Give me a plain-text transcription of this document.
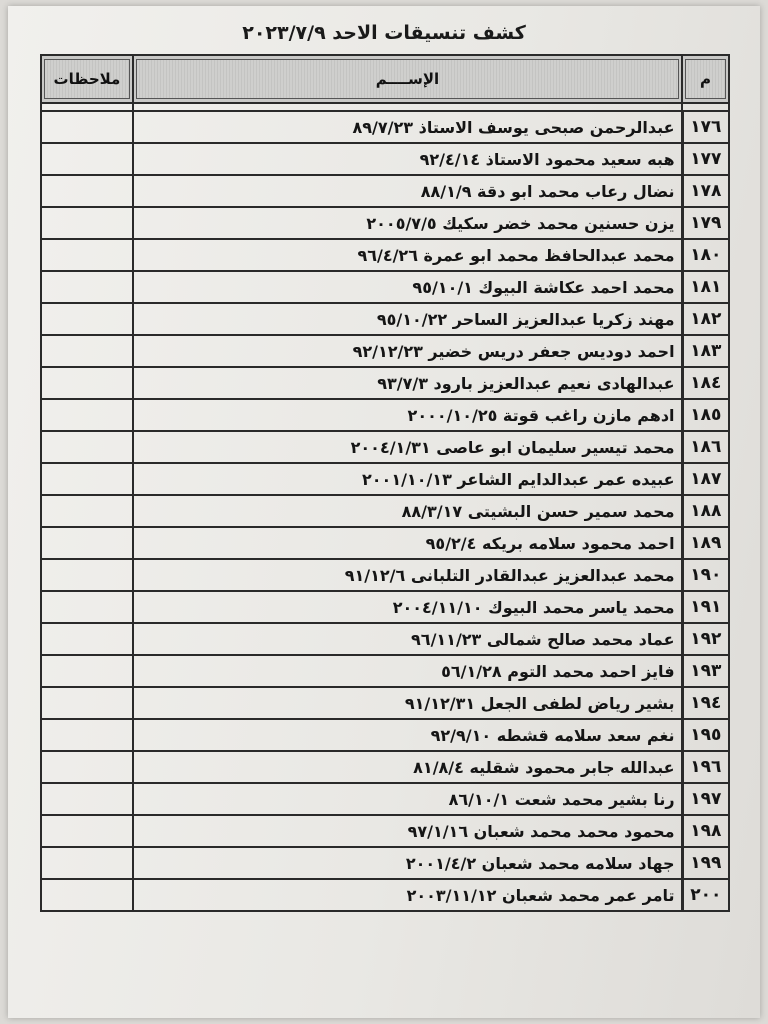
كشف تنسيقات الاحد ٢٠٢٣/٧/٩
م	الإســــم	ملاحظات

١٧٦	عبدالرحمن صبحى يوسف الاستاذ ٨٩/٧/٢٣	
١٧٧	هبه سعيد محمود الاستاذ ٩٢/٤/١٤	
١٧٨	نضال رعاب محمد ابو دقة ٨٨/١/٩	
١٧٩	يزن حسنين محمد خضر سكيك ٢٠٠٥/٧/٥	
١٨٠	محمد عبدالحافظ محمد ابو عمرة ٩٦/٤/٢٦	
١٨١	محمد احمد عكاشة البيوك ٩٥/١٠/١	
١٨٢	مهند زكريا عبدالعزيز الساحر ٩٥/١٠/٢٢	
١٨٣	احمد دوديس جعفر دريس خضير ٩٢/١٢/٢٣	
١٨٤	عبدالهادى نعيم عبدالعزيز بارود ٩٣/٧/٣	
١٨٥	ادهم مازن راغب قوتة ٢٠٠٠/١٠/٢٥	
١٨٦	محمد تيسير سليمان ابو عاصى ٢٠٠٤/١/٣١	
١٨٧	عبيده عمر عبدالدايم الشاعر ٢٠٠١/١٠/١٣	
١٨٨	محمد سمير حسن البشيتى ٨٨/٣/١٧	
١٨٩	احمد محمود سلامه بريكه ٩٥/٢/٤	
١٩٠	محمد عبدالعزيز عبدالقادر التلبانى ٩١/١٢/٦	
١٩١	محمد ياسر محمد البيوك ٢٠٠٤/١١/١٠	
١٩٢	عماد محمد صالح شمالى ٩٦/١١/٢٣	
١٩٣	فايز احمد محمد التوم ٥٦/١/٢٨	
١٩٤	بشير رياض لطفى الجعل ٩١/١٢/٣١	
١٩٥	نغم سعد سلامه قشطه ٩٢/٩/١٠	
١٩٦	عبدالله جابر محمود شقليه ٨١/٨/٤	
١٩٧	رنا بشير محمد شعت ٨٦/١٠/١	
١٩٨	محمود محمد محمد شعبان ٩٧/١/١٦	
١٩٩	جهاد سلامه محمد شعبان ٢٠٠١/٤/٢	
٢٠٠	تامر عمر محمد شعبان ٢٠٠٣/١١/١٢	
